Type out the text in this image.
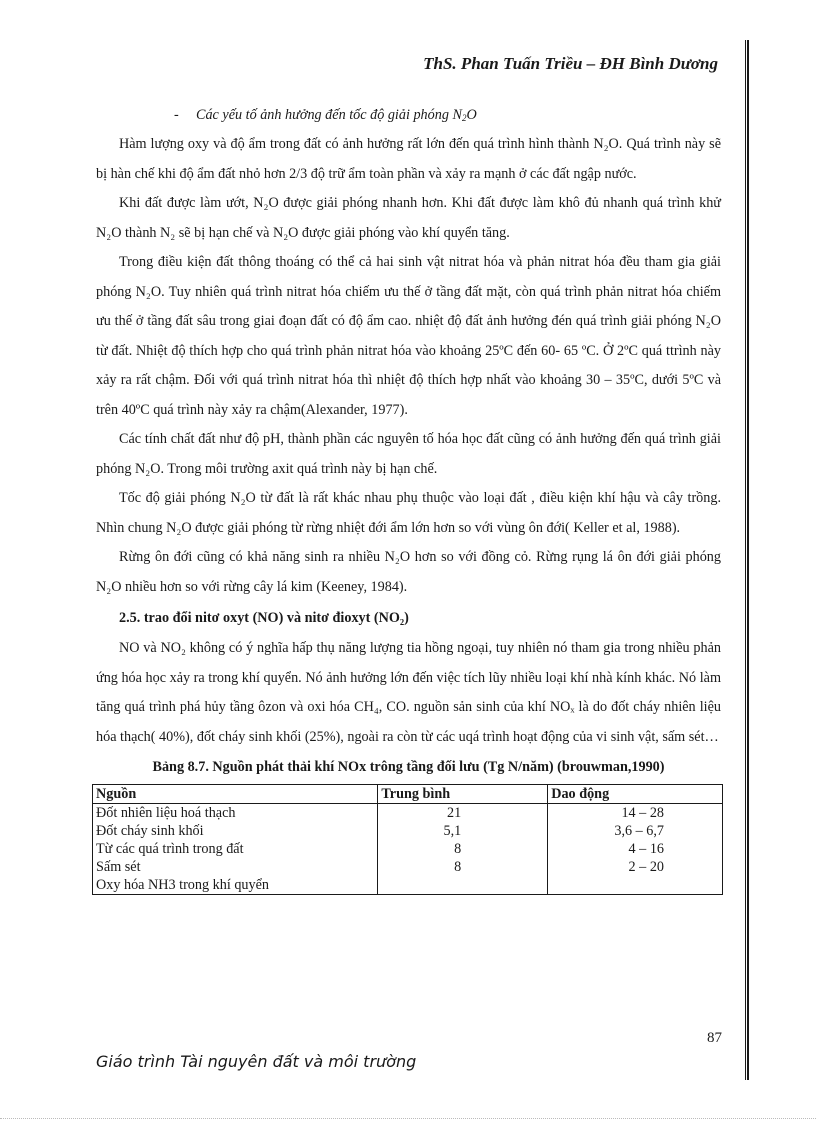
ThS. Phan Tuấn Triều – ĐH Bình Dương

- Các yếu tố ảnh hưởng đến tốc độ giải phóng $N_2O$

Hàm lượng oxy và độ ẩm trong đất có ảnh hưởng rất lớn đến quá trình hình thành N₂O. Quá trình này sẽ bị hàn chế khi độ ẩm đất nhỏ hơn 2/3 độ trữ ẩm toàn phần và xảy ra mạnh ở các đất ngập nước.

Khi đất được làm ướt, N₂O được giải phóng nhanh hơn. Khi đất được làm khô đủ nhanh quá trình khử N₂O thành N₂ sẽ bị hạn chế và N₂O được giải phóng vào khí quyển tăng.

Trong điều kiện đất thông thoáng có thể cả hai sinh vật nitrat hóa và phản nitrat hóa đều tham gia giải phóng N₂O. Tuy nhiên quá trình nitrat hóa chiếm ưu thế ở tầng đất mặt, còn quá trình phản nitrat hóa chiếm ưu thế ở tầng đất sâu trong giai đoạn đất có độ ẩm cao. nhiệt độ đất ảnh hưởng đén quá trình giải phóng N₂O từ đất. Nhiệt độ thích hợp cho quá trình phản nitrat hóa vào khoảng 25ºC đến 60- 65 ºC. Ở 2ºC quá ttrình này xảy ra rất chậm. Đối với quá trình nitrat hóa thì nhiệt độ thích hợp nhất vào khoảng 30 – 35ºC, dưới 5ºC và trên 40ºC quá trình này xảy ra chậm(Alexander, 1977).

Các tính chất đất như độ pH, thành phần các nguyên tố hóa học đất cũng có ảnh hưởng đến quá trình giải phóng N₂O. Trong môi trường axit quá trình này bị hạn chế.

Tốc độ giải phóng N₂O từ đất là rất khác nhau phụ thuộc vào loại đất , điều kiện khí hậu và cây trồng. Nhìn chung N₂O được giải phóng từ rừng nhiệt đới ẩm lớn hơn so với vùng ôn đới( Keller et al, 1988).

Rừng ôn đới cũng có khả năng sinh ra nhiều N₂O hơn so với đồng cỏ. Rừng rụng lá ôn đới giải phóng N₂O nhiều hơn so với rừng cây lá kim (Keeney, 1984).

2.5. trao đổi nitơ oxyt (NO) và nitơ đioxyt (NO₂)

NO và NO₂ không có ý nghĩa hấp thụ năng lượng tia hồng ngoại, tuy nhiên nó tham gia trong nhiều phản ứng hóa học xảy ra trong khí quyển. Nó ảnh hưởng lớn đến việc tích lũy nhiều loại khí nhà kính khác. Nó làm tăng quá trình phá hủy tầng ôzon và oxi hóa CH₄, CO. nguồn sản sinh của khí NOₓ là do đốt cháy nhiên liệu hóa thạch( 40%), đốt cháy sinh khối (25%), ngoài ra còn từ các uqá trình hoạt động của vi sinh vật, sấm sét…

Bảng 8.7. Nguồn phát thải khí NOx trông tầng đối lưu (Tg N/năm) (brouwman,1990)
Nguồn	Trung bình	Dao động
Đốt nhiên liệu hoá thạch	21	14 – 28
Đốt cháy sinh khối	5,1	3,6 – 6,7
Từ các quá trình trong đất	8	4 – 16
Sấm sét	8	2 – 20
Oxy hóa NH3 trong khí quyển		
87
Giáo trình Tài nguyên đất và môi trường
